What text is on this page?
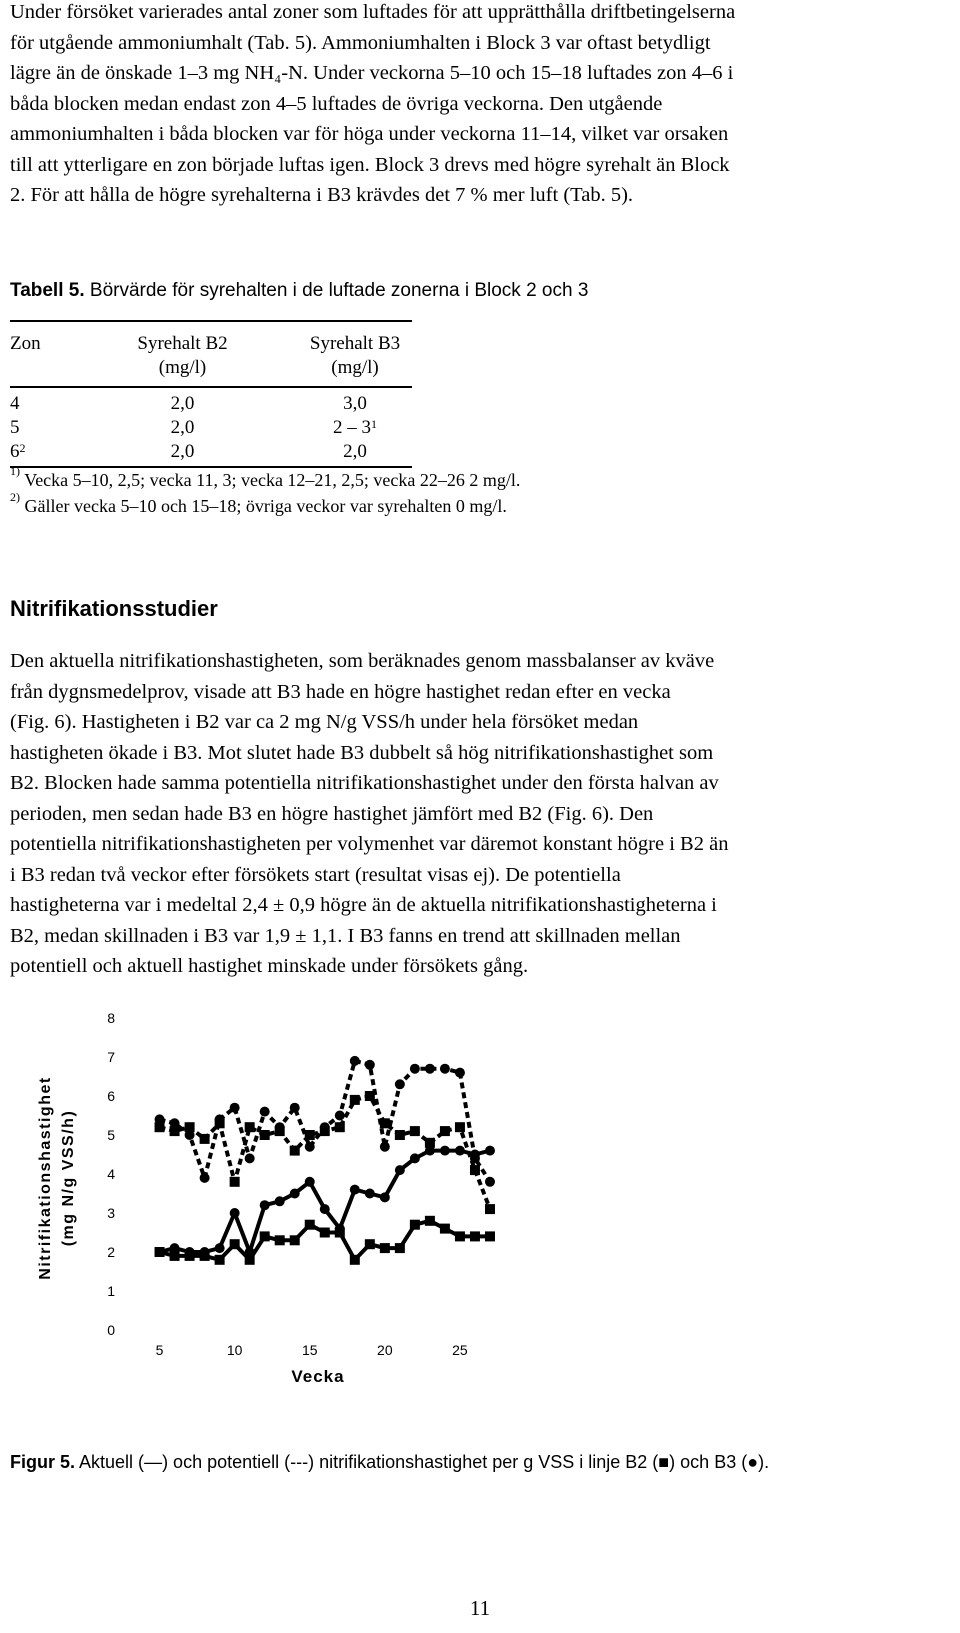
Under försöket varierades antal zoner som luftades för att upprätthålla driftbetingelserna

för utgående ammoniumhalt (Tab. 5). Ammoniumhalten i Block 3 var oftast betydligt

lägre än de önskade 1–3 mg NH₄-N. Under veckorna 5–10 och 15–18 luftades zon 4–6 i

båda blocken medan endast zon 4–5 luftades de övriga veckorna. Den utgående

ammoniumhalten i båda blocken var för höga under veckorna 11–14, vilket var orsaken

till att ytterligare en zon började luftas igen. Block 3 drevs med högre syrehalt än Block

2. För att hålla de högre syrehalterna i B3 krävdes det 7 % mer luft (Tab. 5).

Tabell 5. Börvärde för syrehalten i de luftade zonerna i Block 2 och 3
Zon	Syrehalt B2	Syrehalt B3
(mg/l)	(mg/l)
4	2,0	3,0
5	2,0	$2 - 3^1$
$6^2$	2,0	2,0
$^{1)}$ Vecka 5–10, 2,5; vecka 11, 3; vecka 12–21, 2,5; vecka 22–26 2 mg/l.
$^{2)}$ Gäller vecka 5–10 och 15–18; övriga veckor var syrehalten 0 mg/l.
Nitrifikationsstudier

Den aktuella nitrifikationshastigheten, som beräknades genom massbalanser av kväve

från dygnsmedelprov, visade att B3 hade en högre hastighet redan efter en vecka

(Fig. 6). Hastigheten i B2 var ca 2 mg N/g VSS/h under hela försöket medan

hastigheten ökade i B3. Mot slutet hade B3 dubbelt så hög nitrifikationshastighet som

B2. Blocken hade samma potentiella nitrifikationshastighet under den första halvan av

perioden, men sedan hade B3 en högre hastighet jämfört med B2 (Fig. 6). Den

potentiella nitrifikationshastigheten per volymenhet var däremot konstant högre i B2 än

i B3 redan två veckor efter försökets start (resultat visas ej). De potentiella

hastigheterna var i medeltal 2,4 ± 0,9 högre än de aktuella nitrifikationshastigheterna i

B2, medan skillnaden i B3 var 1,9 ± 1,1. I B3 fanns en trend att skillnaden mellan

potentiell och aktuell hastighet minskade under försökets gång.

0
1
2
3
4
5
6
7
8
5	10	15	20	25
Vecka
Nitrifikationshastighet (mg N/g VSS/h)
Figur 5. Aktuell (—) och potentiell (---) nitrifikationshastighet per g VSS i linje B2 (■) och B3 (●).
11
